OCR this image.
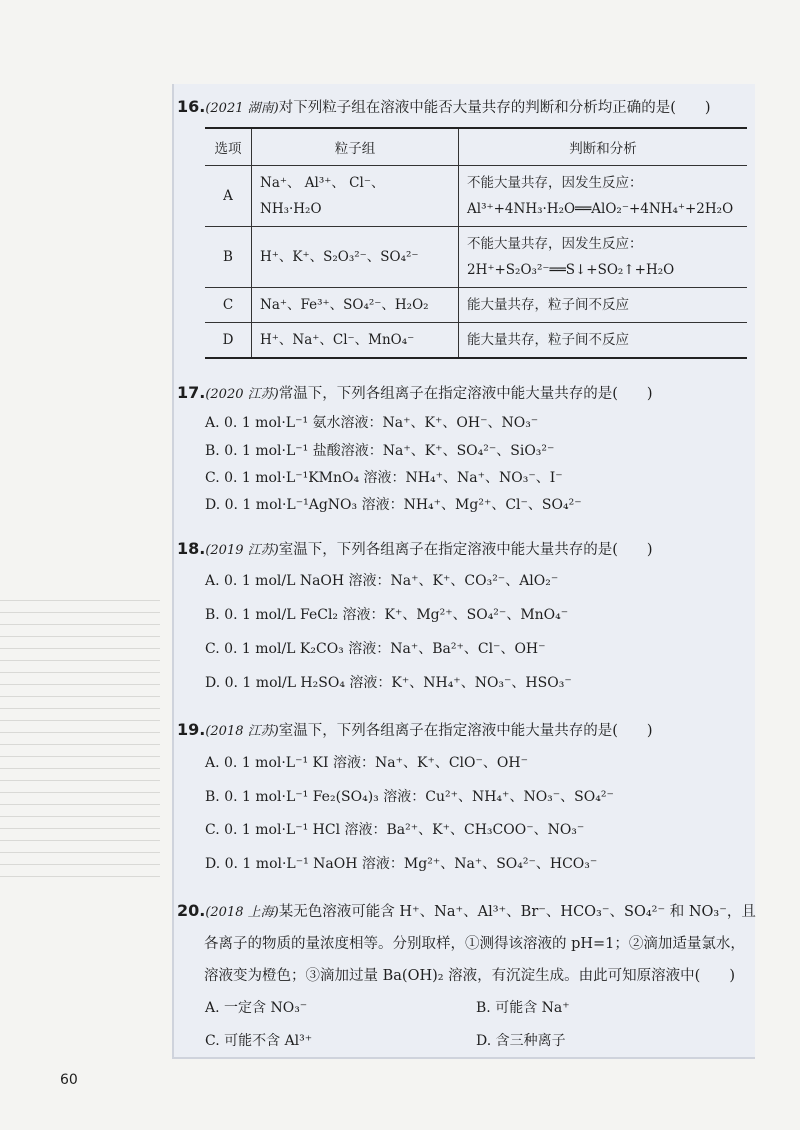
16.(2021 湖南)对下列粒子组在溶液中能否大量共存的判断和分析均正确的是(　　)
选项	粒子组	判断和分析
A	Na⁺、 Al³⁺、 Cl⁻、 NH₃·H₂O	不能大量共存，因发生反应：Al³⁺+4NH₃·H₂O══AlO₂⁻+4NH₄⁺+2H₂O
B	H⁺、K⁺、S₂O₃²⁻、SO₄²⁻	不能大量共存，因发生反应：2H⁺+S₂O₃²⁻══S↓+SO₂↑+H₂O
C	Na⁺、Fe³⁺、SO₄²⁻、H₂O₂	能大量共存，粒子间不反应
D	H⁺、Na⁺、Cl⁻、MnO₄⁻	能大量共存，粒子间不反应
17.(2020 江苏)常温下，下列各组离子在指定溶液中能大量共存的是(　　)
A. 0. 1 mol·L⁻¹ 氨水溶液：Na⁺、K⁺、OH⁻、NO₃⁻
B. 0. 1 mol·L⁻¹ 盐酸溶液：Na⁺、K⁺、SO₄²⁻、SiO₃²⁻
C. 0. 1 mol·L⁻¹KMnO₄ 溶液：NH₄⁺、Na⁺、NO₃⁻、I⁻
D. 0. 1 mol·L⁻¹AgNO₃ 溶液：NH₄⁺、Mg²⁺、Cl⁻、SO₄²⁻
18.(2019 江苏)室温下，下列各组离子在指定溶液中能大量共存的是(　　)
A. 0. 1 mol/L NaOH 溶液：Na⁺、K⁺、CO₃²⁻、AlO₂⁻
B. 0. 1 mol/L FeCl₂ 溶液：K⁺、Mg²⁺、SO₄²⁻、MnO₄⁻
C. 0. 1 mol/L K₂CO₃ 溶液：Na⁺、Ba²⁺、Cl⁻、OH⁻
D. 0. 1 mol/L H₂SO₄ 溶液：K⁺、NH₄⁺、NO₃⁻、HSO₃⁻
19.(2018 江苏)室温下，下列各组离子在指定溶液中能大量共存的是(　　)
A. 0. 1 mol·L⁻¹ KI 溶液：Na⁺、K⁺、ClO⁻、OH⁻
B. 0. 1 mol·L⁻¹ Fe₂(SO₄)₃ 溶液：Cu²⁺、NH₄⁺、NO₃⁻、SO₄²⁻
C. 0. 1 mol·L⁻¹ HCl 溶液：Ba²⁺、K⁺、CH₃COO⁻、NO₃⁻
D. 0. 1 mol·L⁻¹ NaOH 溶液：Mg²⁺、Na⁺、SO₄²⁻、HCO₃⁻
20.(2018 上海)某无色溶液可能含 H⁺、Na⁺、Al³⁺、Br⁻、HCO₃⁻、SO₄²⁻ 和 NO₃⁻，且
各离子的物质的量浓度相等。分别取样，①测得该溶液的 pH=1；②滴加适量氯水，
溶液变为橙色；③滴加过量 Ba(OH)₂ 溶液，有沉淀生成。由此可知原溶液中(　　)
A. 一定含 NO₃⁻	B. 可能含 Na⁺
C. 可能不含 Al³⁺	D. 含三种离子
60
